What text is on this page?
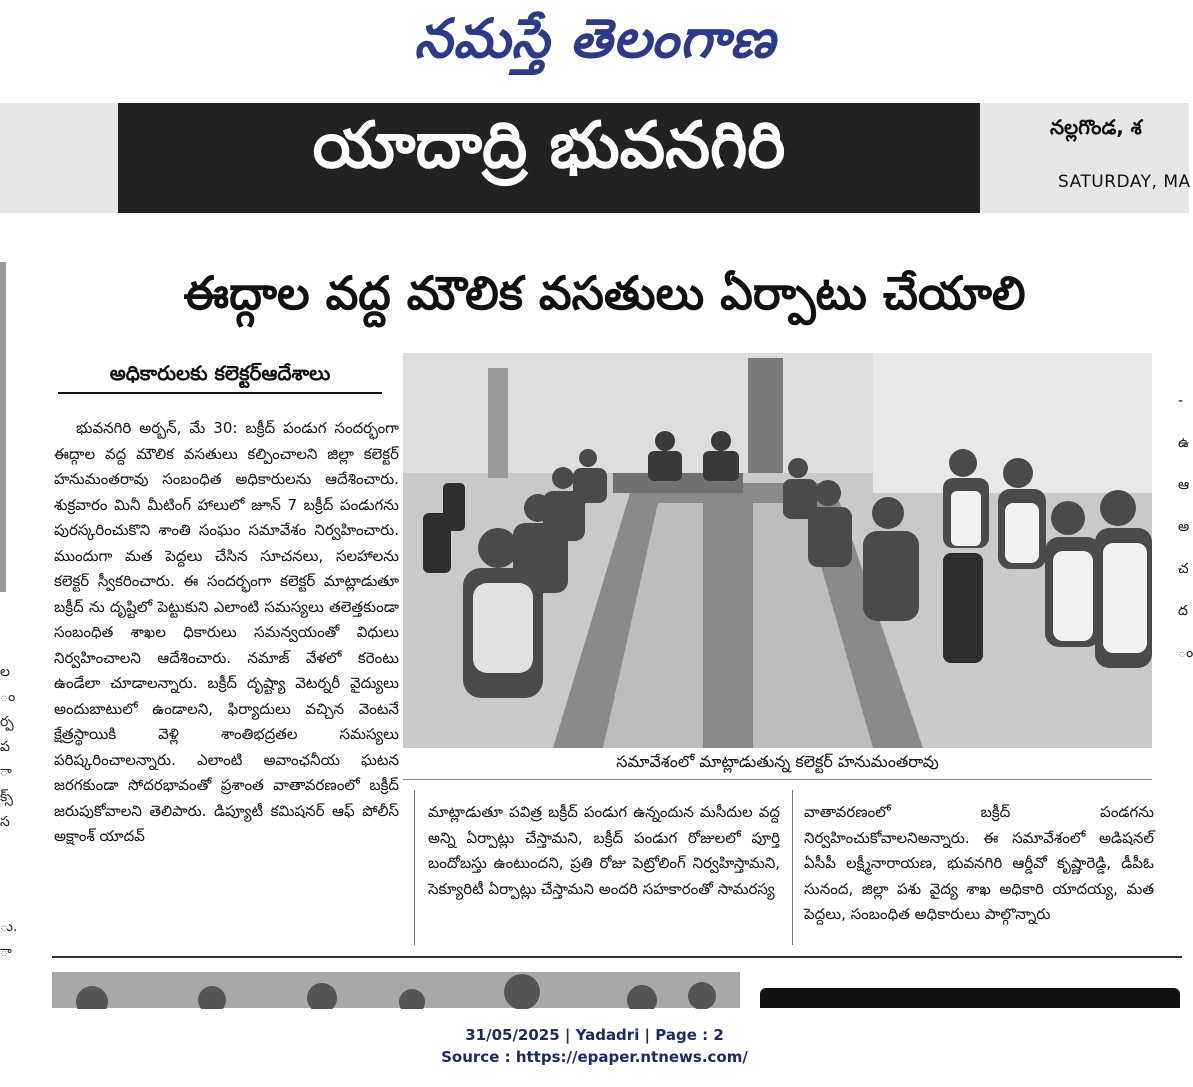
నమస్తే తెలంగాణ
యాదాద్రి భువనగిరి	నల్లగొండ, శ
SATURDAY, MA
ఈద్గాల వద్ద మౌలిక వసతులు ఏర్పాటు చేయాలి
అధికారులకు కలెక్టర్‌ఆదేశాలు

భువనగిరి అర్బన్‌, మే 30: బక్రీద్‌ పండుగ సందర్భంగా ఈద్గాల వద్ద మౌలిక వసతులు కల్పించాలని జిల్లా కలెక్టర్‌ హనుమంతరావు సంబంధిత అధికారులను ఆదేశించారు. శుక్రవారం మినీ మీటింగ్‌ హాలులో జూన్‌ 7 బక్రీద్‌ పండుగను పురస్కరించుకొని శాంతి సంఘం సమావేశం నిర్వహించారు. ముందుగా మత పెద్దలు చేసిన సూచనలు, సలహాలను కలెక్టర్‌ స్వీకరించారు. ఈ సందర్భంగా కలెక్టర్‌ మాట్లాడుతూ బక్రీద్‌ ను దృష్టిలో పెట్టుకుని ఎలాంటి సమస్యలు తలెత్తకుండా సంబంధిత శాఖల ధికారులు సమన్వయంతో విధులు నిర్వహించాలని ఆదేశించారు. నమాజ్‌ వేళలో కరెంటు ఉండేలా చూడాలన్నారు. బక్రీద్‌ దృష్ట్యా వెటర్నరీ వైద్యులు అందుబాటులో ఉండాలని, ఫిర్యాదులు వచ్చిన వెంటనే క్షేత్రస్థాయికి వెళ్లి శాంతిభద్రతల సమస్యలు పరిష్కరించాలన్నారు. ఎలాంటి అవాంఛనీయ ఘటన జరగకుండా సోదరభావంతో ప్రశాంత వాతావరణంలో బక్రీద్‌ జరుపుకోవాలని తెలిపారు. డిప్యూటీ కమిషనర్‌ ఆఫ్‌ పోలీస్‌ అక్షాంశ్‌ యాదవ్‌

సమావేశంలో మాట్లాడుతున్న కలెక్టర్‌ హనుమంతరావు

మాట్లాడుతూ పవిత్ర బక్రీద్‌ పండుగ ఉన్నందున మసీదుల వద్ద అన్ని ఏర్పాట్లు చేస్తామని, బక్రీద్‌ పండుగ రోజులలో పూర్తి బందోబస్తు ఉంటుందని, ప్రతి రోజు పెట్రోలింగ్‌ నిర్వహిస్తామని, సెక్యూరిటీ ఏర్పాట్లు చేస్తామని అందరి సహకారంతో సామరస్య

వాతావరణంలో బక్రీద్‌ పండగను నిర్వహించుకోవాలనిఅన్నారు. ఈ సమావేశంలో అడిషనల్‌ ఏసీపీ లక్ష్మీనారాయణ, భువనగిరి ఆర్డీవో కృష్ణారెడ్డి, డీపీఓ సునంద, జిల్లా పశు వైద్య శాఖ అధికారి యాదయ్య, మత పెద్దలు, సంబంధిత అధికారులు పాల్గొన్నారు

ల
ం
ర్ప
ప
ా
క్స్
స
ు.
ా
-
ఉ
ఆ
అ
చ
ద
ం
31/05/2025 | Yadadri | Page : 2
Source : https://epaper.ntnews.com/
